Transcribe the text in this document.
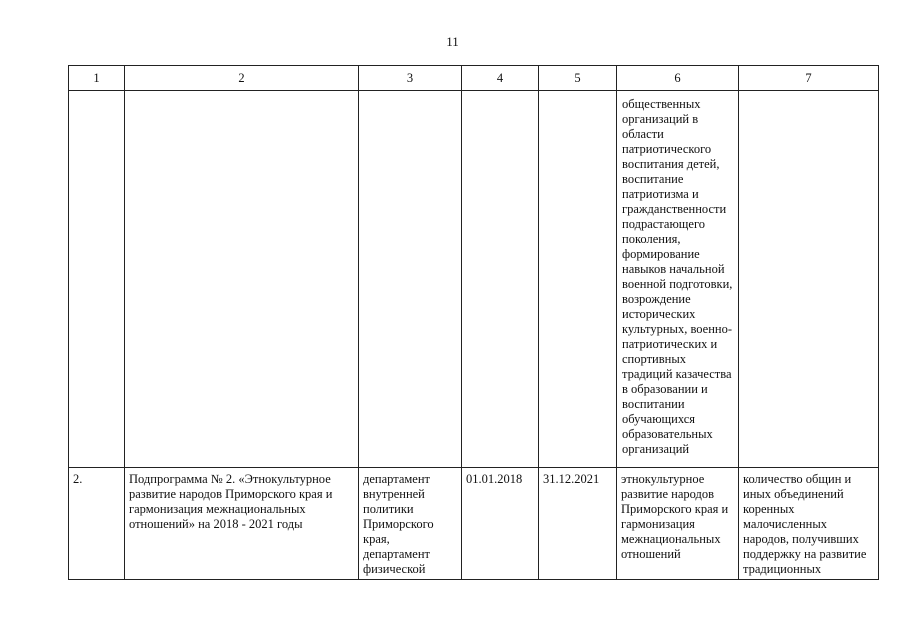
11
1	2	3	4	5	6	7

					общественных организаций в области патриотического воспитания детей, воспитание патриотизма и гражданственности подрастающего поколения, формирование навыков начальной военной подготовки, возрождение исторических культурных, военно-патриотических и спортивных традиций казачества в образовании и воспитании обучающихся образовательных организаций	

2.	Подпрограмма № 2. «Этнокультурное развитие народов Приморского края и гармонизация межнациональных отношений» на 2018 - 2021 годы	департамент внутренней политики Приморского края, департамент физической	01.01.2018	31.12.2021	этнокультурное развитие народов Приморского края и гармонизация межнациональных отношений	количество общин и иных объединений коренных малочисленных народов, получивших поддержку на развитие традиционных
